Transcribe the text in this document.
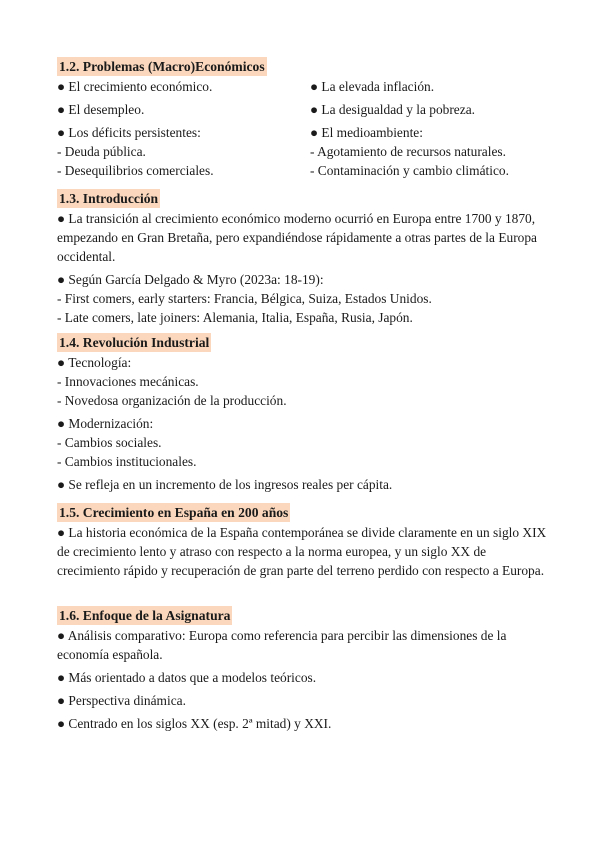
1.2. Problemas (Macro)Económicos
● El crecimiento económico.
● El desempleo.
● Los déficits persistentes:
- Deuda pública.
- Desequilibrios comerciales.
● La elevada inflación.
● La desigualdad y la pobreza.
● El medioambiente:
- Agotamiento de recursos naturales.
- Contaminación y cambio climático.
1.3. Introducción
● La transición al crecimiento económico moderno ocurrió en Europa entre 1700 y 1870, empezando en Gran Bretaña, pero expandiéndose rápidamente a otras partes de la Europa occidental.
● Según García Delgado & Myro (2023a: 18-19):
- First comers, early starters: Francia, Bélgica, Suiza, Estados Unidos.
- Late comers, late joiners: Alemania, Italia, España, Rusia, Japón.
1.4. Revolución Industrial
● Tecnología:
- Innovaciones mecánicas.
- Novedosa organización de la producción.
● Modernización:
- Cambios sociales.
- Cambios institucionales.
● Se refleja en un incremento de los ingresos reales per cápita.
1.5. Crecimiento en España en 200 años
● La historia económica de la España contemporánea se divide claramente en un siglo XIX de crecimiento lento y atraso con respecto a la norma europea, y un siglo XX de crecimiento rápido y recuperación de gran parte del terreno perdido con respecto a Europa.
1.6. Enfoque de la Asignatura
● Análisis comparativo: Europa como referencia para percibir las dimensiones de la economía española.
● Más orientado a datos que a modelos teóricos.
● Perspectiva dinámica.
● Centrado en los siglos XX (esp. 2ª mitad) y XXI.
